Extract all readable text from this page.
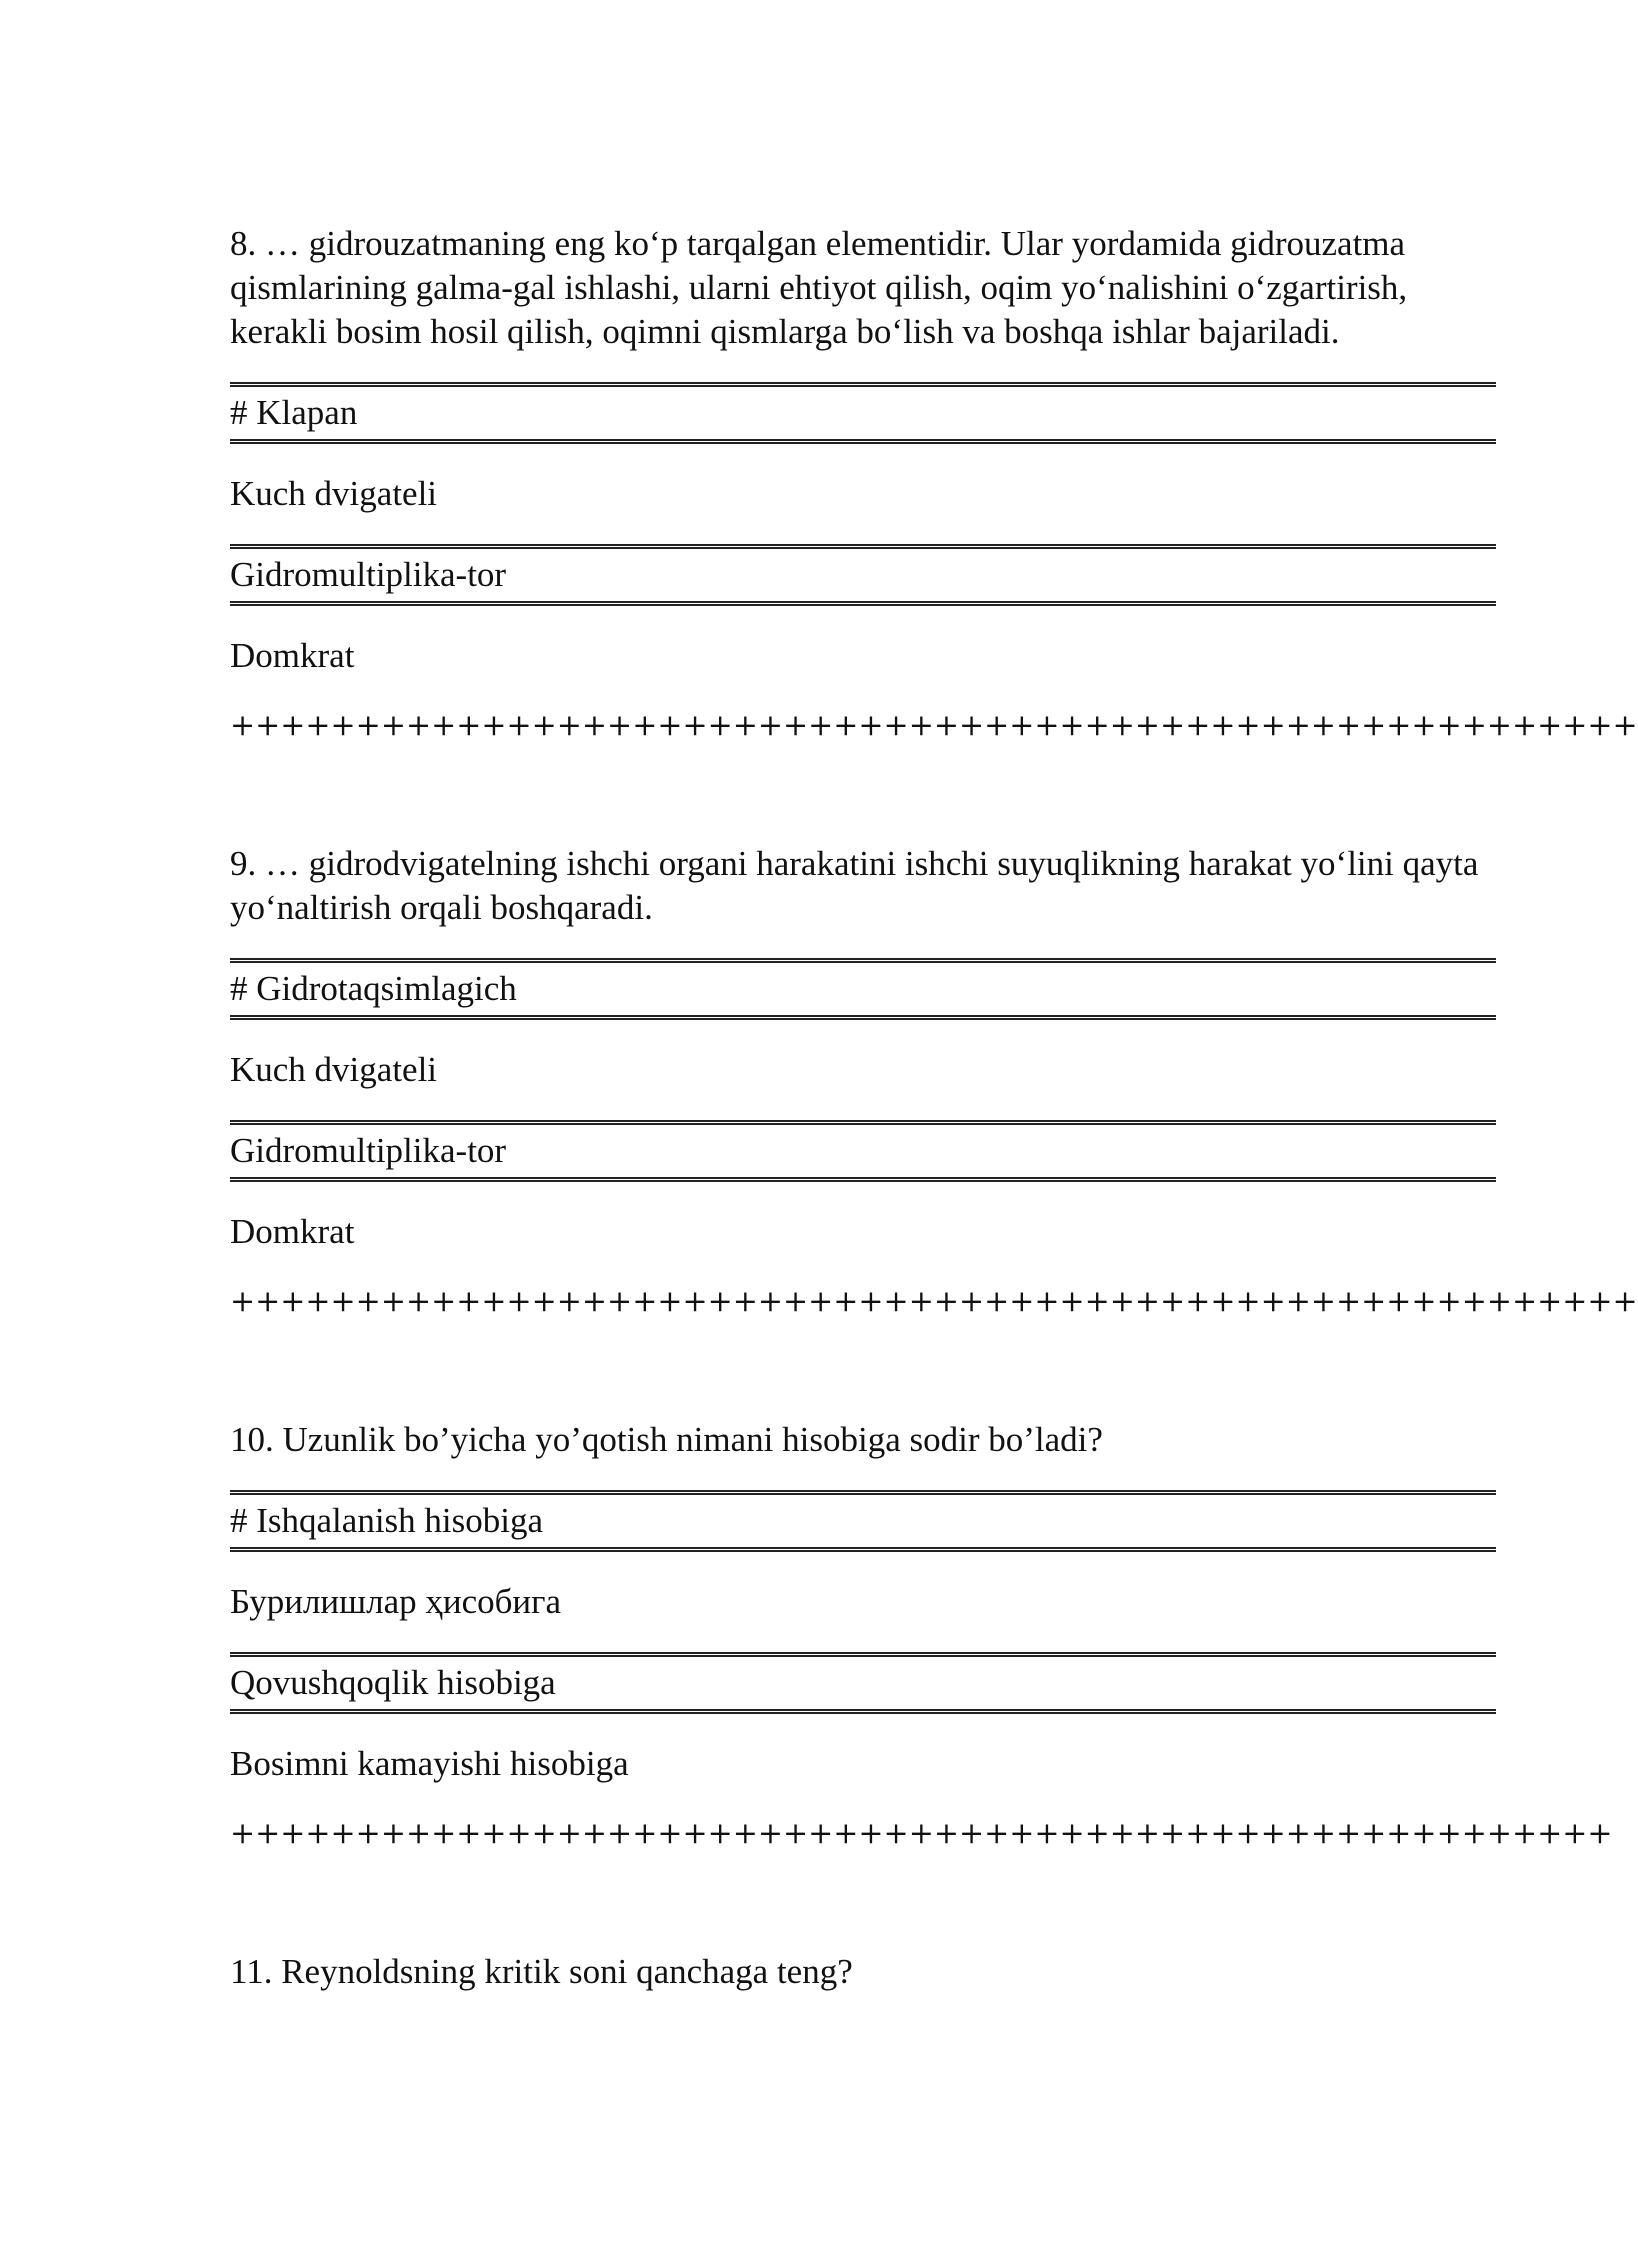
8. … gidrouzatmaning eng ko‘p tarqalgan elementidir. Ular yordamida gidrouzatma qismlarining galma-gal ishlashi, ularni ehtiyot qilish, oqim yo‘nalishini o‘zgartirish, kerakli bosim hosil qilish, oqimni qismlarga bo‘lish va boshqa ishlar bajariladi.

# Klapan
Kuch dvigateli
Gidromultiplika-tor
Domkrat
++++++++++++++++++++++++++++++++++++++++++++++++++++++++

9. … gidrodvigatelning ishchi organi harakatini ishchi suyuqlikning harakat yo‘lini qayta yo‘naltirish orqali boshqaradi.

# Gidrotaqsimlagich
Kuch dvigateli
Gidromultiplika-tor
Domkrat
++++++++++++++++++++++++++++++++++++++++++++++++++++++++

10. Uzunlik bo’yicha yo’qotish nimani hisobiga sodir bo’ladi?

# Ishqalanish hisobiga
Бурилишлар ҳисобига
Qovushqoqlik hisobiga
Bosimni kamayishi hisobiga
+++++++++++++++++++++++++++++++++++++++++++++++++++++++

11. Reynoldsning kritik soni qanchaga teng?
